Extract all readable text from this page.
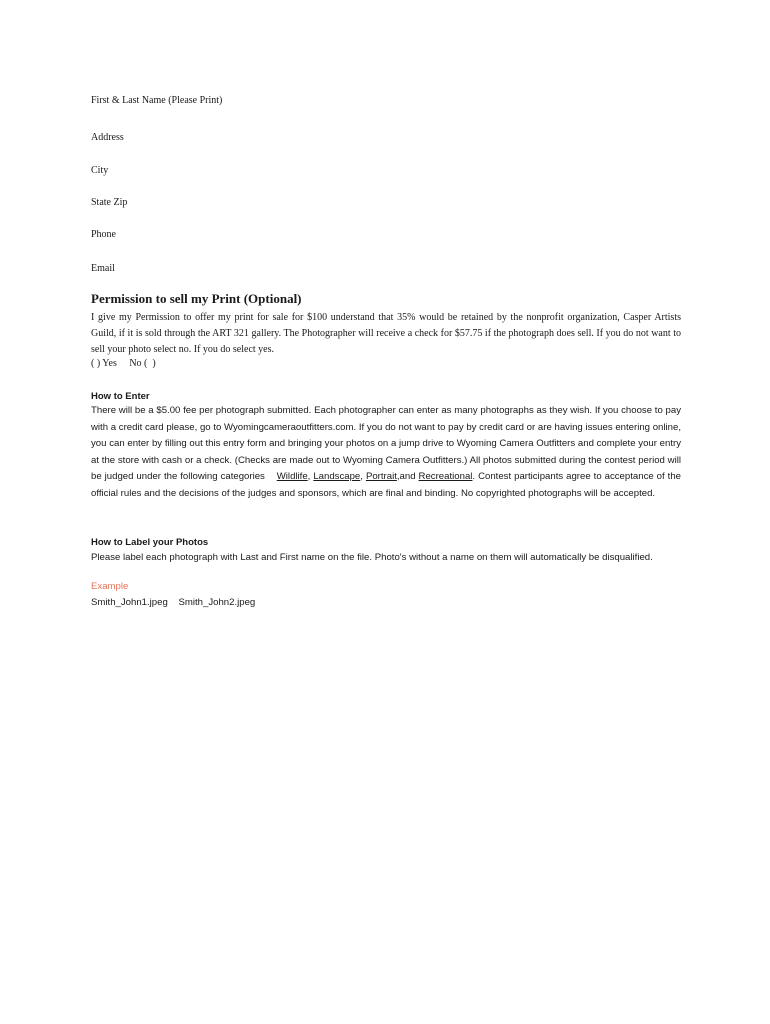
First & Last Name (Please Print)
Address
City
State Zip
Phone
Email
Permission to sell my Print (Optional)
I give my Permission to offer my print for sale for $100 understand that 35% would be retained by the nonprofit organization, Casper Artists Guild, if it is sold through the ART 321 gallery. The Photographer will receive a check for $57.75 if the photograph does sell. If you do not want to sell your photo select no. If you do select yes.
( ) Yes     No (  )
How to Enter
There will be a $5.00 fee per photograph submitted. Each photographer can enter as many photographs as they wish. If you choose to pay with a credit card please, go to Wyomingcameraoutfitters.com. If you do not want to pay by credit card or are having issues entering online, you can enter by filling out this entry form and bringing your photos on a jump drive to Wyoming Camera Outfitters and complete your entry at the store with cash or a check. (Checks are made out to Wyoming Camera Outfitters.) All photos submitted during the contest period will be judged under the following categories Wildlife, Landscape, Portrait,and Recreational. Contest participants agree to acceptance of the official rules and the decisions of the judges and sponsors, which are final and binding. No copyrighted photographs will be accepted.
How to Label your Photos
Please label each photograph with Last and First name on the file. Photo's without a name on them will automatically be disqualified.
Example
Smith_John1.jpeg    Smith_John2.jpeg
